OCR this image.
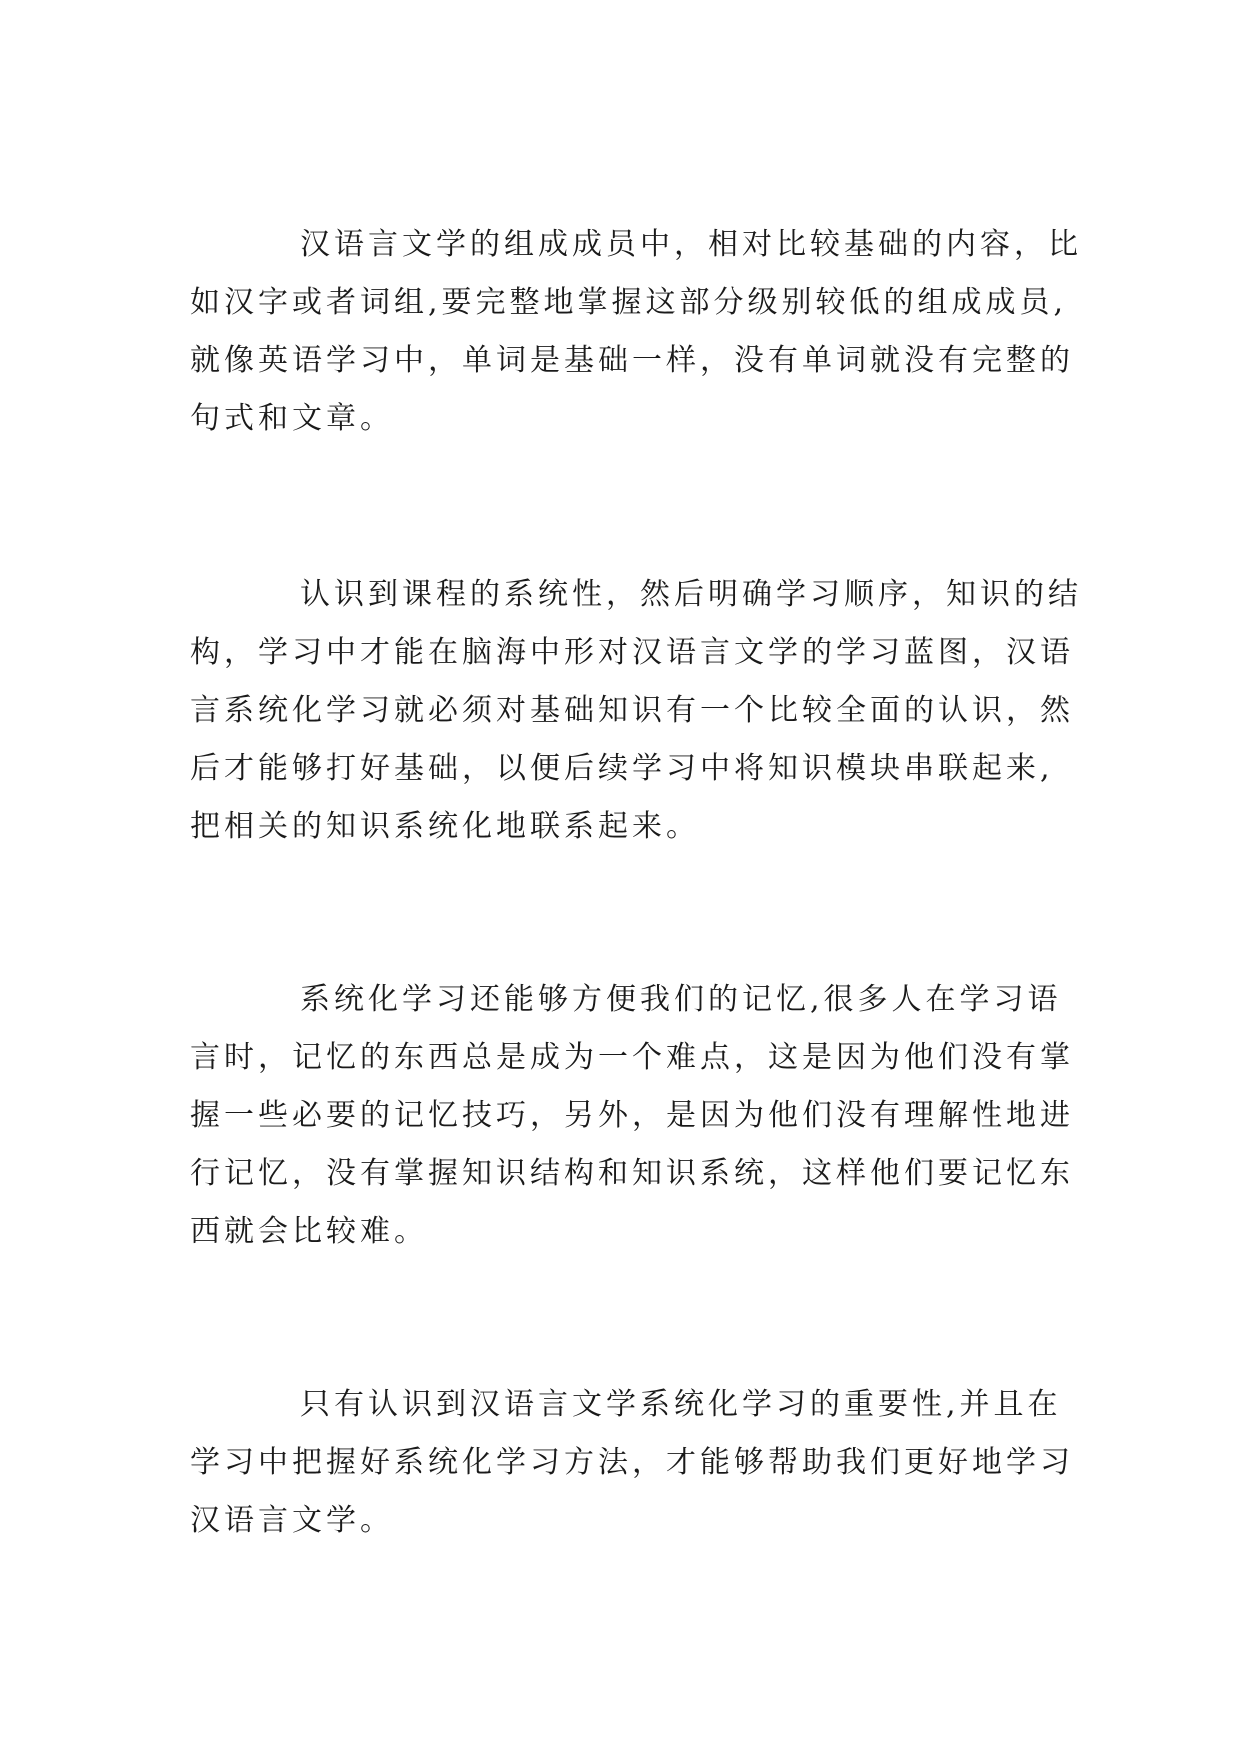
汉语言文学的组成成员中，相对比较基础的内容，比
如汉字或者词组,要完整地掌握这部分级别较低的组成成员,
就像英语学习中，单词是基础一样，没有单词就没有完整的
句式和文章。
认识到课程的系统性，然后明确学习顺序，知识的结
构，学习中才能在脑海中形对汉语言文学的学习蓝图，汉语
言系统化学习就必须对基础知识有一个比较全面的认识，然
后才能够打好基础，以便后续学习中将知识模块串联起来,
把相关的知识系统化地联系起来。
系统化学习还能够方便我们的记忆,很多人在学习语
言时，记忆的东西总是成为一个难点，这是因为他们没有掌
握一些必要的记忆技巧，另外，是因为他们没有理解性地进
行记忆，没有掌握知识结构和知识系统，这样他们要记忆东
西就会比较难。
只有认识到汉语言文学系统化学习的重要性,并且在
学习中把握好系统化学习方法，才能够帮助我们更好地学习
汉语言文学。
